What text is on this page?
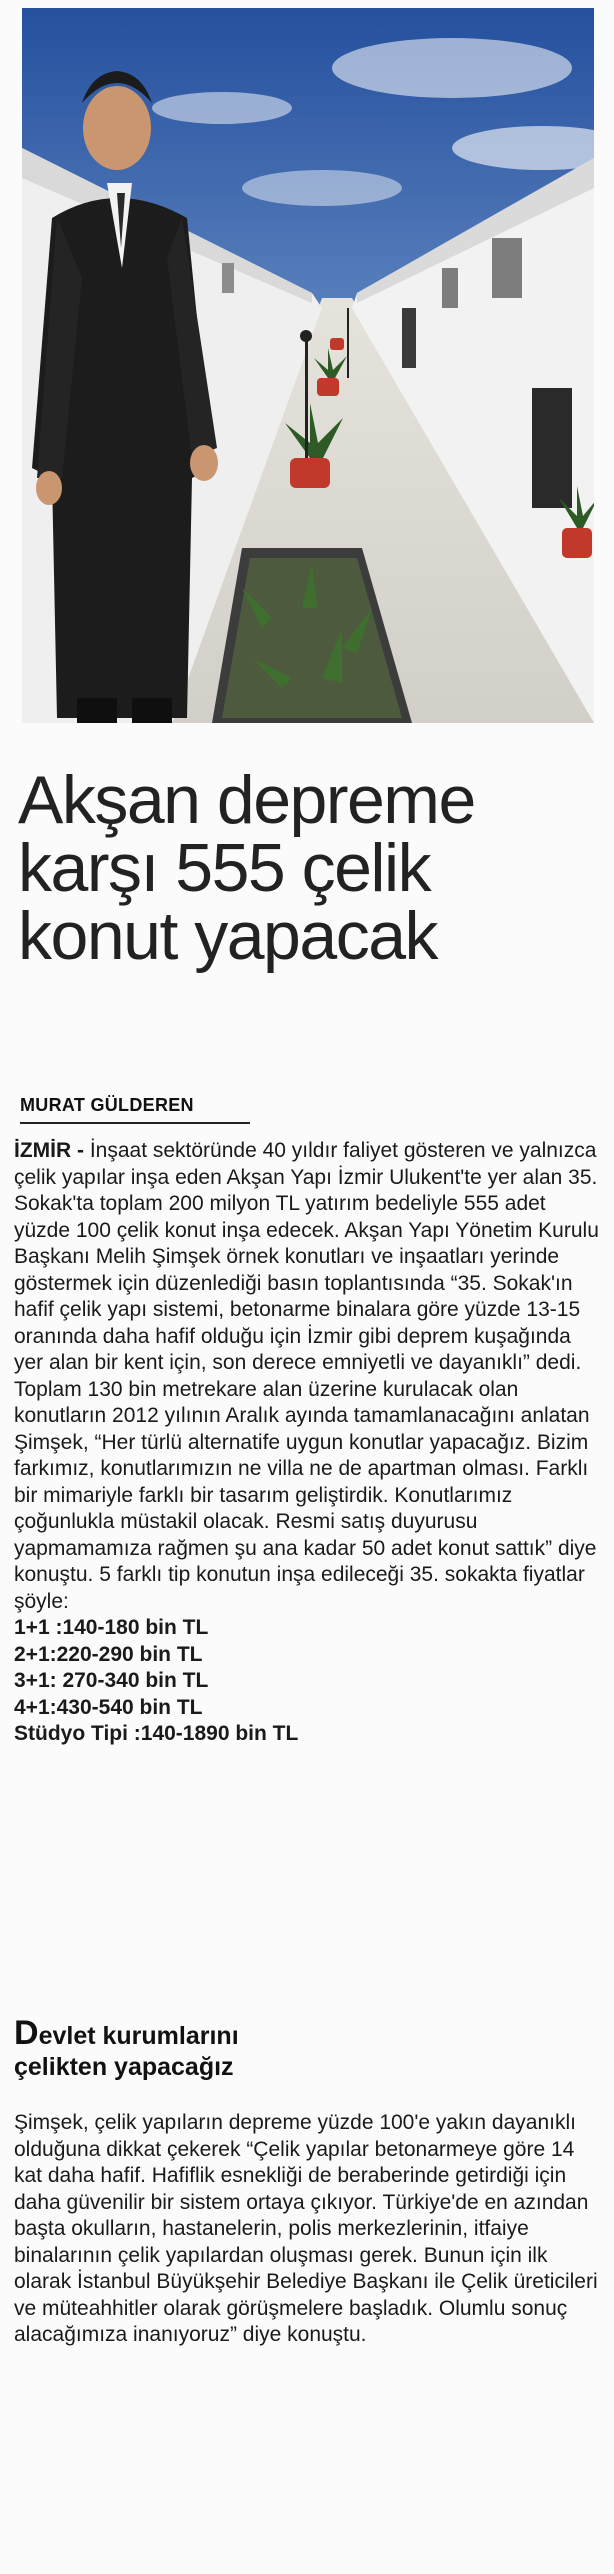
Akşan depreme
karşı 555 çelik
konut yapacak
MURAT GÜLDEREN

İZMİR - İnşaat sektöründe 40 yıldır faliyet gösteren ve yalnızca çelik yapılar inşa eden Akşan Yapı İzmir Ulukent'te yer alan 35. Sokak'ta toplam 200 milyon TL yatırım bedeliyle 555 adet yüzde 100 çelik konut inşa edecek. Akşan Yapı Yönetim Kurulu Başkanı Melih Şimşek örnek konutları ve inşaatları yerinde göstermek için düzenlediği basın toplantısında “35. Sokak'ın hafif çelik yapı sistemi, betonarme binalara göre yüzde 13-15 oranında daha hafif olduğu için İzmir gibi deprem kuşağında yer alan bir kent için, son derece emniyetli ve dayanıklı” dedi. Toplam 130 bin metrekare alan üzerine kurulacak olan konutların 2012 yılının Aralık ayında tamamlanacağını anlatan Şimşek, “Her türlü alternatife uygun konutlar yapacağız. Bizim farkımız, konutlarımızın ne villa ne de apartman olması. Farklı bir mimariyle farklı bir tasarım geliştirdik. Konutlarımız çoğunlukla müstakil olacak. Resmi satış duyurusu yapmamamıza rağmen şu ana kadar 50 adet konut sattık” diye konuştu. 5 farklı tip konutun inşa edileceği 35. sokakta fiyatlar şöyle:

1+1 :140-180 bin TL
2+1:220-290 bin TL
3+1: 270-340 bin TL
4+1:430-540 bin TL
Stüdyo Tipi :140-1890 bin TL
Devlet kurumlarını
çelikten yapacağız

Şimşek, çelik yapıların depreme yüzde 100'e yakın dayanıklı olduğuna dikkat çekerek “Çelik yapılar betonarmeye göre 14 kat daha hafif. Hafiflik esnekliği de beraberinde getirdiği için daha güvenilir bir sistem ortaya çıkıyor. Türkiye'de en azından başta okulların, hastanelerin, polis merkezlerinin, itfaiye binalarının çelik yapılardan oluşması gerek. Bunun için ilk olarak İstanbul Büyükşehir Belediye Başkanı ile Çelik üreticileri ve müteahhitler olarak görüşmelere başladık. Olumlu sonuç alacağımıza inanıyoruz” diye konuştu.
